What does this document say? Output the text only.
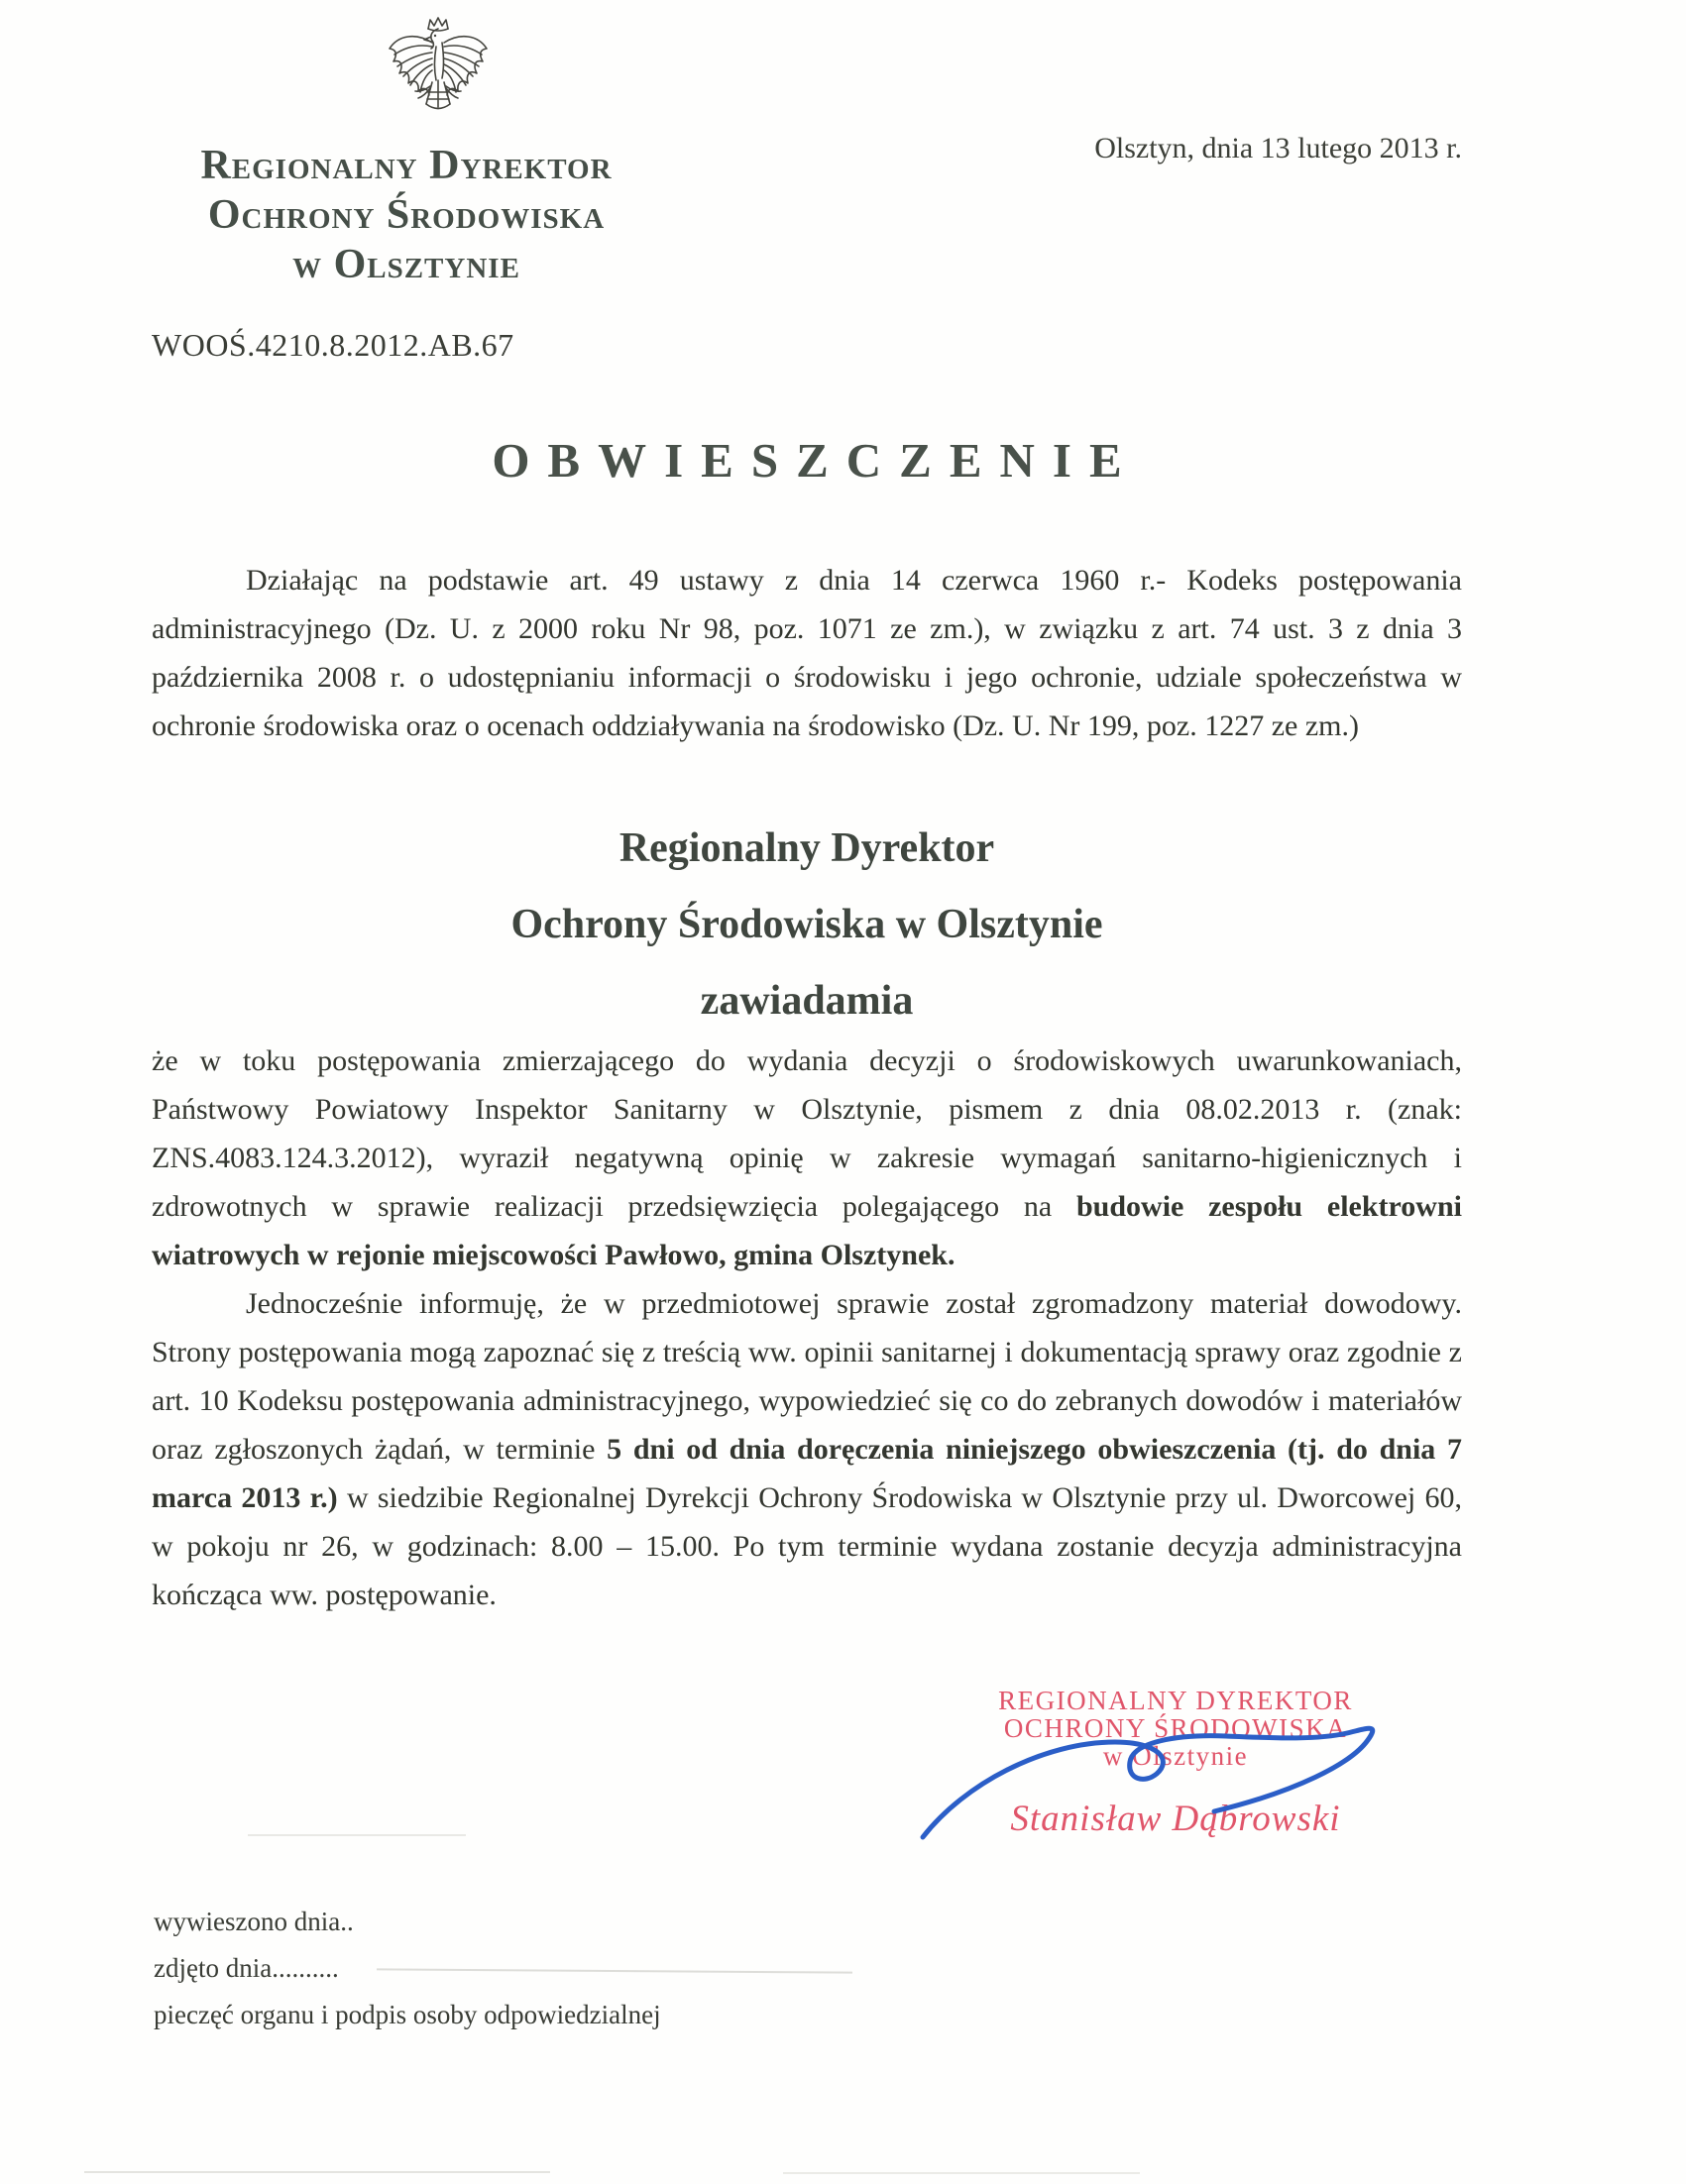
Olsztyn, dnia 13 lutego 2013 r.
Regionalny Dyrektor
Ochrony Środowiska
w Olsztynie
WOOŚ.4210.8.2012.AB.67
OBWIESZCZENIE
Działając na podstawie art. 49 ustawy z dnia 14 czerwca 1960 r.- Kodeks postępowania administracyjnego (Dz. U. z 2000 roku Nr 98, poz. 1071 ze zm.), w związku z art. 74 ust. 3 z dnia 3 października 2008 r. o udostępnianiu informacji o środowisku i jego ochronie, udziale społeczeństwa w ochronie środowiska oraz o ocenach oddziaływania na środowisko (Dz. U. Nr 199, poz. 1227 ze zm.)
Regionalny Dyrektor
Ochrony Środowiska w Olsztynie
zawiadamia

że w toku postępowania zmierzającego do wydania decyzji o środowiskowych uwarunkowaniach, Państwowy Powiatowy Inspektor Sanitarny w Olsztynie, pismem z dnia 08.02.2013 r. (znak: ZNS.4083.124.3.2012), wyraził negatywną opinię w zakresie wymagań sanitarno-higienicznych i zdrowotnych w sprawie realizacji przedsięwzięcia polegającego na budowie zespołu elektrowni wiatrowych w rejonie miejscowości Pawłowo, gmina Olsztynek.

Jednocześnie informuję, że w przedmiotowej sprawie został zgromadzony materiał dowodowy. Strony postępowania mogą zapoznać się z treścią ww. opinii sanitarnej i dokumentacją sprawy oraz zgodnie z art. 10 Kodeksu postępowania administracyjnego, wypowiedzieć się co do zebranych dowodów i materiałów oraz zgłoszonych żądań, w terminie 5 dni od dnia doręczenia niniejszego obwieszczenia (tj. do dnia 7 marca 2013 r.) w siedzibie Regionalnej Dyrekcji Ochrony Środowiska w Olsztynie przy ul. Dworcowej 60, w pokoju nr 26, w godzinach: 8.00 – 15.00. Po tym terminie wydana zostanie decyzja administracyjna kończąca ww. postępowanie.

REGIONALNY DYREKTOR
OCHRONY ŚRODOWISKA
w Olsztynie
Stanisław Dąbrowski
wywieszono dnia..
zdjęto dnia..........
pieczęć organu i podpis osoby odpowiedzialnej
